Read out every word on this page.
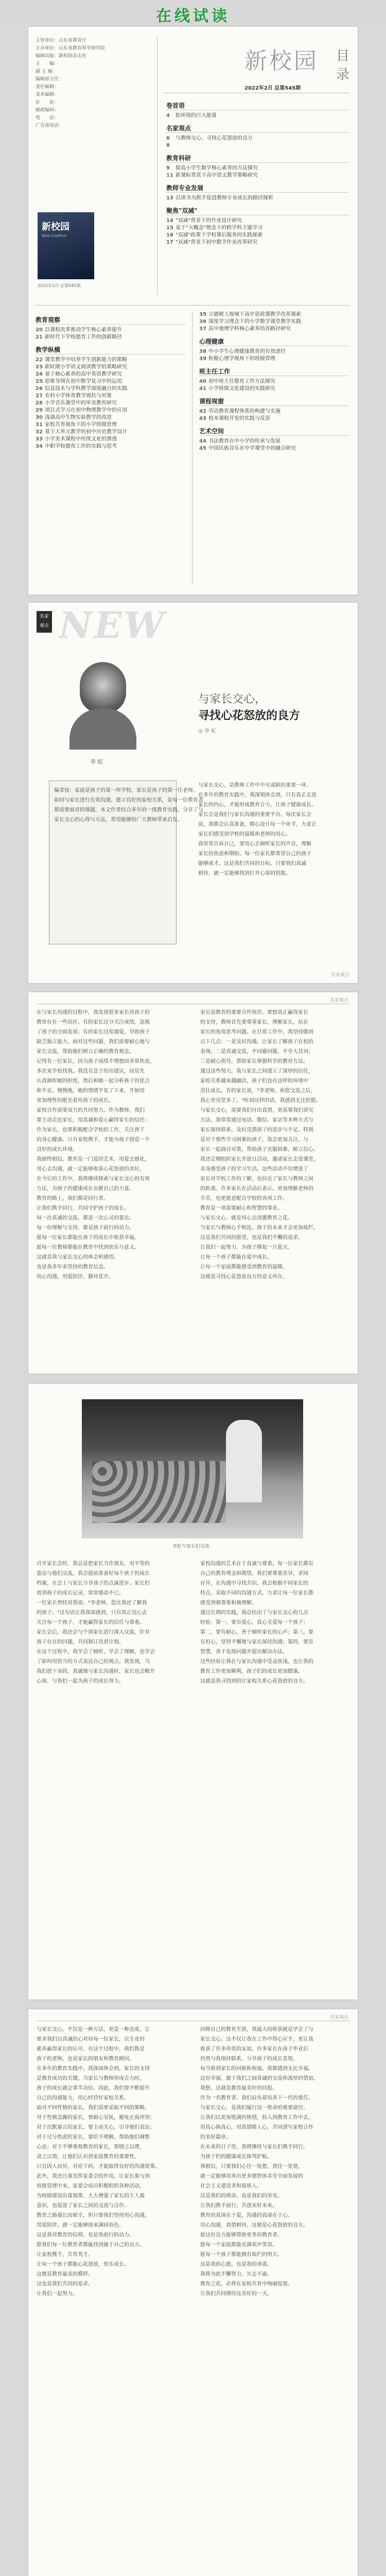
在线试读
主管单位：山东省教育厅
主办单位：山东省教育科学研究院
编辑出版：新校园杂志社
主　　编：
副 主 编：
编辑部主任：
责任编辑：
美术编辑：
社　　址：
邮政编码：
电　　话：
广告部电话：
新校园
NEW CAMPUS
2022年2月 总第545期
新校园 目
录
2022年2月 总第545期
卷首语
4 软环境的巨大能量
名家观点
6 与教师交心，寻找心花怒放的良方
8
教育科研
9 提高小学生数学核心素养的方法探究
11 新课标背景下高中语文教学策略研究
教师专业发展
13 以读书为抓手促进教师专业成长的路径探析
聚焦"双减"
14 "双减"背景下的作业设计研究
15 基于"大概念"理念下的跨学科主题学习
16 "双减"政策下学校课后服务的实践探索
17 "双减"背景下初中数学作业改革研究
教育观察
20 以课程改革推动学生核心素养提升
21 新时代下学校德育工作的创新路径
教学纵横
22 课堂教学中培养学生创新能力的策略
23 新时期小学语文阅读教学的策略研究
24 基于核心素养的高中英语教学研究
25 思维导图在初中数学复习中的运用
26 信息技术与学科教学深度融合的实践
27 农村小学体育教学现状与对策
28 小学音乐课堂中的审美教育研究
29 项目式学习在初中物理教学中的应用
30 浅谈高中生物实验教学的改进
31 家校共育视角下的小学班级管理
32 基于大单元教学的初中历史教学设计
33 小学美术课程中传统文化的渗透
34 中职学校德育工作的实践与思考
35 立德树人视域下高中思政课教学改革探索
36 深度学习理念下的小学数学课堂教学实践
37 高中地理学科核心素养培养路径研究
心理健康
38 中小学生心理健康教育的有效途径
39 积极心理学视角下的班级管理
班主任工作
40 初中班主任德育工作方法探究
41 小学班级文化建设的实践研究
课程视窗
42 劳动教育课程体系的构建与实施
43 校本课程开发的实践与反思
艺术空间
44 书法教育在中小学的传承与发展
45 中国民族音乐在中学课堂中的融合研究
名家
观点 NEW
李 虹
与家长交心，
寻找心花怒放的良方
◎ 李 虹
编者按：家庭是孩子的第一所学校，家长是孩子的第一任老师。
如何与家长进行有效沟通，建立良好的家校关系，是每一位教育者
都需要面对的课题。本文作者结合多年的一线教育实践，分享了与
家长交心的心得与方法，希望能够给广大教师带来启发。
与家长交心，是教师工作中不可或缺的重要一环。
在多年的教育实践中，我深刻体会到，只有真正走进
家长的内心，才能形成教育合力，让孩子健康成长。
家长会是我们与家长沟通的重要平台。每次家长会
前，我都会认真准备，精心设计每一个环节，力求让
家长们感受到学校的温暖和老师的用心。
我常常告诉自己，要用心去倾听家长的声音，理解
家长的焦虑和期盼。每一位家长都希望自己的孩子
能够成才，这是我们共同的目标。只要我们真诚
相待，就一定能够找到打开心扉的钥匙。
名家观点
名家观点
在与家长沟通的过程中，我发现很多家长对孩子的
教育存在一些误区。有的家长过分关注成绩，忽视
了孩子的全面发展；有的家长过度溺爱，导致孩子
缺乏独立能力。面对这些问题，我们需要耐心地与
家长交流，帮助他们树立正确的教育观念。
记得有一位家长，因为孩子成绩不理想而非常焦虑，
多次来学校找我。我没有急于给出建议，而是先
认真倾听她的担忧，然后和她一起分析孩子的优点
和不足。慢慢地，她的情绪平复了下来，开始用
更加理性的眼光看待孩子的成长。
家校合作需要双方的共同努力。作为教师，我们
要主动走近家长，用真诚和爱心赢得家长的信任；
作为家长，也要积极配合学校的工作，关注孩子
的身心健康。只有家校携手，才能为孩子创造一个
良好的成长环境。
我始终相信，教育是一门爱的艺术。用爱去感化，
用心去沟通，就一定能够收获心花怒放的美好。
在今后的工作中，我将继续探索与家长交心的有效
方法，为孩子的健康成长贡献自己的力量。
教育的路上，我们都是同行者。
让我们携手同行，共同守护孩子的成长。
每一次真诚的交流，都是一次心灵的靠近。
每一份理解与支持，都是孩子前行的动力。
愿每一位家长都能在孩子的成长中收获幸福。
愿每一位教师都能在教育中找到快乐与意义。
这就是我与家长交心的体会和感悟。
也是我多年来坚持的教育信念。
用心沟通，用爱陪伴，静待花开。
家长是教育的重要合作伙伴。要想真正赢得家长
的支持，教师首先要尊重家长，理解家长，站在
家长的角度思考问题。在日常工作中，我坚持做到
以下几点：一是及时沟通，让家长了解孩子在校的
表现；二是真诚交流，不回避问题，不夸大其词；
三是耐心指导，帮助家长掌握科学的教育方法。
通过这些努力，我与家长之间建立了深厚的信任，
家校关系越来越融洽，孩子们也在这样的环境中
茁壮成长。有的家长说，"李老师，和您交流之后，
我心里亮堂多了。"听到这样的话，我感到无比欣慰。
与家长交心，需要我们付出真情，更需要我们讲究
方法。我常常通过电话、微信、家访等多种方式与
家长保持联系，及时反馈孩子的进步与不足。特别
是对于那些学习困难的孩子，我会更加关注，与
家长一起商讨对策，帮助孩子克服困难，树立信心。
我还定期组织家长开放日活动，邀请家长走进课堂，
亲身感受孩子的学习生活。这些活动不仅增进了
家长对学校工作的了解，也拉近了家长与教师之间
的距离。许多家长在活动后表示，更加理解老师的
辛苦，也更愿意配合学校的各项工作。
教育是一项需要耐心和智慧的事业。
与家长交心，就是用心去浇灌教育之花。
当家长与教师心手相连，孩子的未来才会更加灿烂。
这是我们共同的愿望，也是我们不懈的追求。
让我们一起努力，为孩子撑起一片蓝天。
让每一个孩子都能在爱中成长。
让每一个家庭都能感受到教育的温暖。
这便是寻找心花怒放良方的意义所在。
李虹与家长们交流
召开家长会时，我总是把家长当作朋友，用平等的
姿态与他们交流。我会提前准备好每个孩子的成长
档案，在会上与家长分享孩子的点滴进步。家长们
看到孩子的成长记录，常常感动不已。
一位家长曾经对我说："李老师，您比我还了解我
的孩子。"这句话让我深深感到，只有真正用心去
关注每一个孩子，才能赢得家长的信任与尊重。
家长会后，我还会与个别家长进行深入交流，针对
孩子存在的问题，共同制订改进计划。
在这个过程中，我学会了倾听，学会了理解，也学会
了如何用恰当的方式表达自己的观点。我发现，当
我们放下身段，真诚地与家长沟通时，家长也会敞开
心扉，与我们一起为孩子的成长努力。
家校沟通的艺术在于真诚与尊重。每一位家长都有
自己的教育理念和期望，我们要尊重差异，求同
存异，在沟通中寻找共识。我会根据不同家长的
特点，采取不同的沟通方式，力求让每一位家长都
感受到被尊重和被理解。
通过长期的实践，我总结出了与家长交心的几点
经验：第一，要有爱心，真心关爱每一个孩子；
第二，要有耐心，善于倾听家长的心声；第三，要
有恒心，坚持不懈地与家长保持沟通；第四，要有
智慧，善于发现问题并提出解决办法。
这些经验让我在与家长沟通中受益匪浅，也让我的
教育工作更加顺利，孩子们的成长更加健康。
这就是我寻找到的让家校关系心花怒放的良方。
名家观点
与家长交心，不仅是一种方法，更是一种态度。它
要求我们以真诚的心对待每一位家长，以专业的
素养赢得家长的认可。在这个过程中，我们既是
孩子的老师，也是家长的朋友和教育顾问。
在多年的教育实践中，我深深体会到，家长的支持
是教育成功的关键。当家长与教师形成合力时，
孩子的成长就会事半功倍。因此，我们要不断提升
自己的沟通能力，用心经营好家校关系。
面对不同性格的家长，我们需要采取不同的策略。
对于性格急躁的家长，要耐心安抚，避免正面冲突；
对于沉默寡言的家长，要主动关心，引导他们表达；
对于过分焦虑的家长，要给予理解，帮助他们调整
心态；对于不够重视教育的家长，要晓之以理，
动之以情，让他们认识到家庭教育的重要性。
只有因人而异，对症下药，才能取得良好的沟通效果。
此外，我还注重发挥家委会的作用，让家长参与到
班级管理中来。家委会成员积极组织各种活动，
为班级建设出谋划策，大大增强了家长的主人翁
意识，也促进了家长之间的交流与合作。
教育之路漫长而艰辛，但只要我们坚持用心沟通，
用爱陪伴，就一定能够迎来满园春色。
这是我对教育的信仰，也是我前行的动力。
愿我们每一位教育者都能找到属于自己的良方。
让家校携手，共育英才。
让每一个孩子都能心花怒放，快乐成长。
这便是教育最美的模样。
这也是我们共同的追求。
让我们一起努力。
回顾自己的教育生涯，我最大的收获就是学会了与
家长交心。这不仅让我在工作中得心应手，更让我
收获了许多珍贵的友谊。许多家长在孩子毕业后
仍然与我保持联系，分享孩子的成长喜悦。
每当收到家长的问候和祝福，我都感到无比幸福。
这份幸福，源于我们之间真诚的交流和深厚的情谊。
我想，这就是教育最美好的回报。
作为一名教育者，我们肩负着培养下一代的重任。
与家长交心，是我们履行这一使命的重要途径。
让我们以更加饱满的热情，投入到教育工作中去，
用真心换真心，用真情暖人心，共同谱写家校合作
的美好篇章。
在未来的日子里，我将继续与家长们携手同行，
为孩子们的健康成长保驾护航。
我相信，只要我们心往一处想，劲往一处使，
就一定能够培养出更多德智体美劳全面发展的
社会主义建设者和接班人。
这是我们的使命，也是我们的荣光。
让我们携手前行，共创美好未来。
教育的真谛在于爱，沟通的真谛在于心。
用心沟通，真情相待，这便是心花怒放的良方。
愿这份良方能够帮助更多的教育者。
愿每一个家庭都能充满欢声笑语。
愿每一个孩子都能拥有灿烂的明天。
这是我的心愿，也是我的承诺。
我将为此不懈努力，矢志不渝。
教育之花，必将在家校共育中绚丽绽放。
让我们共同期待这美好的一天。
